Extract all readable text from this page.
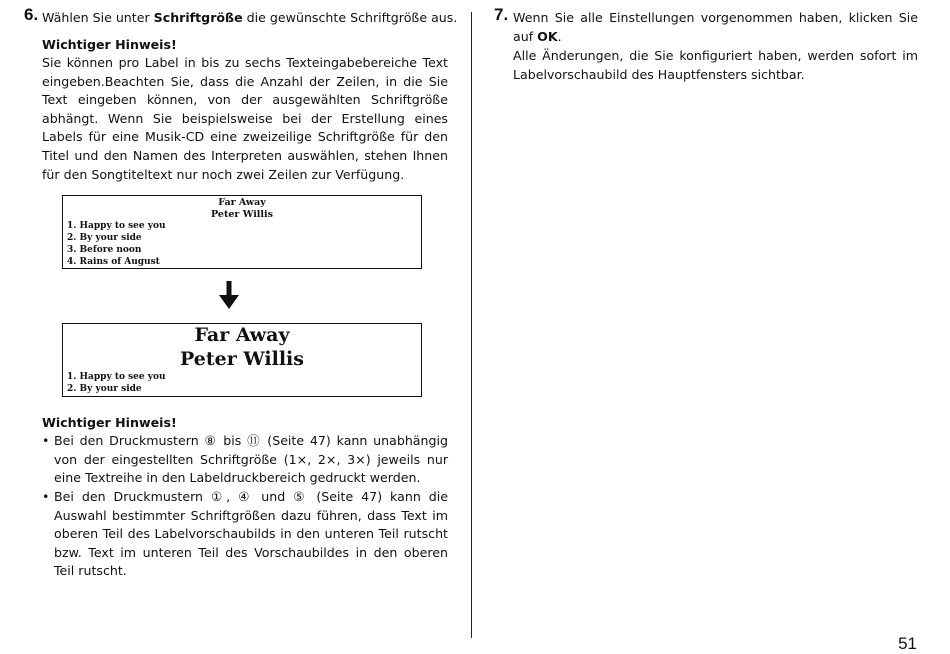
6. Wählen Sie unter Schriftgröße die gewünschte Schriftgröße aus.
Wichtiger Hinweis!
Sie können pro Label in bis zu sechs Texteingabebereiche Text eingeben.Beachten Sie, dass die Anzahl der Zeilen, in die Sie Text eingeben können, von der ausgewählten Schriftgröße abhängt. Wenn Sie beispielsweise bei der Erstellung eines Labels für eine Musik-CD eine zweizeilige Schriftgröße für den Titel und den Namen des Interpreten auswählen, stehen Ihnen für den Songtiteltext nur noch zwei Zeilen zur Verfügung.
Far Away
Peter Willis
1. Happy to see you
2. By your side
3. Before noon
4. Rains of August
Far Away
Peter Willis
1. Happy to see you
2. By your side
Wichtiger Hinweis!
• Bei den Druckmustern ⑧ bis ⑪ (Seite 47) kann unabhängig von der eingestellten Schriftgröße (1×, 2×, 3×) jeweils nur eine Textreihe in den Labeldruckbereich gedruckt werden.
• Bei den Druckmustern ①, ④ und ⑤ (Seite 47) kann die Auswahl bestimmter Schriftgrößen dazu führen, dass Text im oberen Teil des Labelvorschaubilds in den unteren Teil rutscht bzw. Text im unteren Teil des Vorschaubildes in den oberen Teil rutscht.
7. Wenn Sie alle Einstellungen vorgenommen haben, klicken Sie auf OK.
Alle Änderungen, die Sie konfiguriert haben, werden sofort im Labelvorschaubild des Hauptfensters sichtbar.
51
